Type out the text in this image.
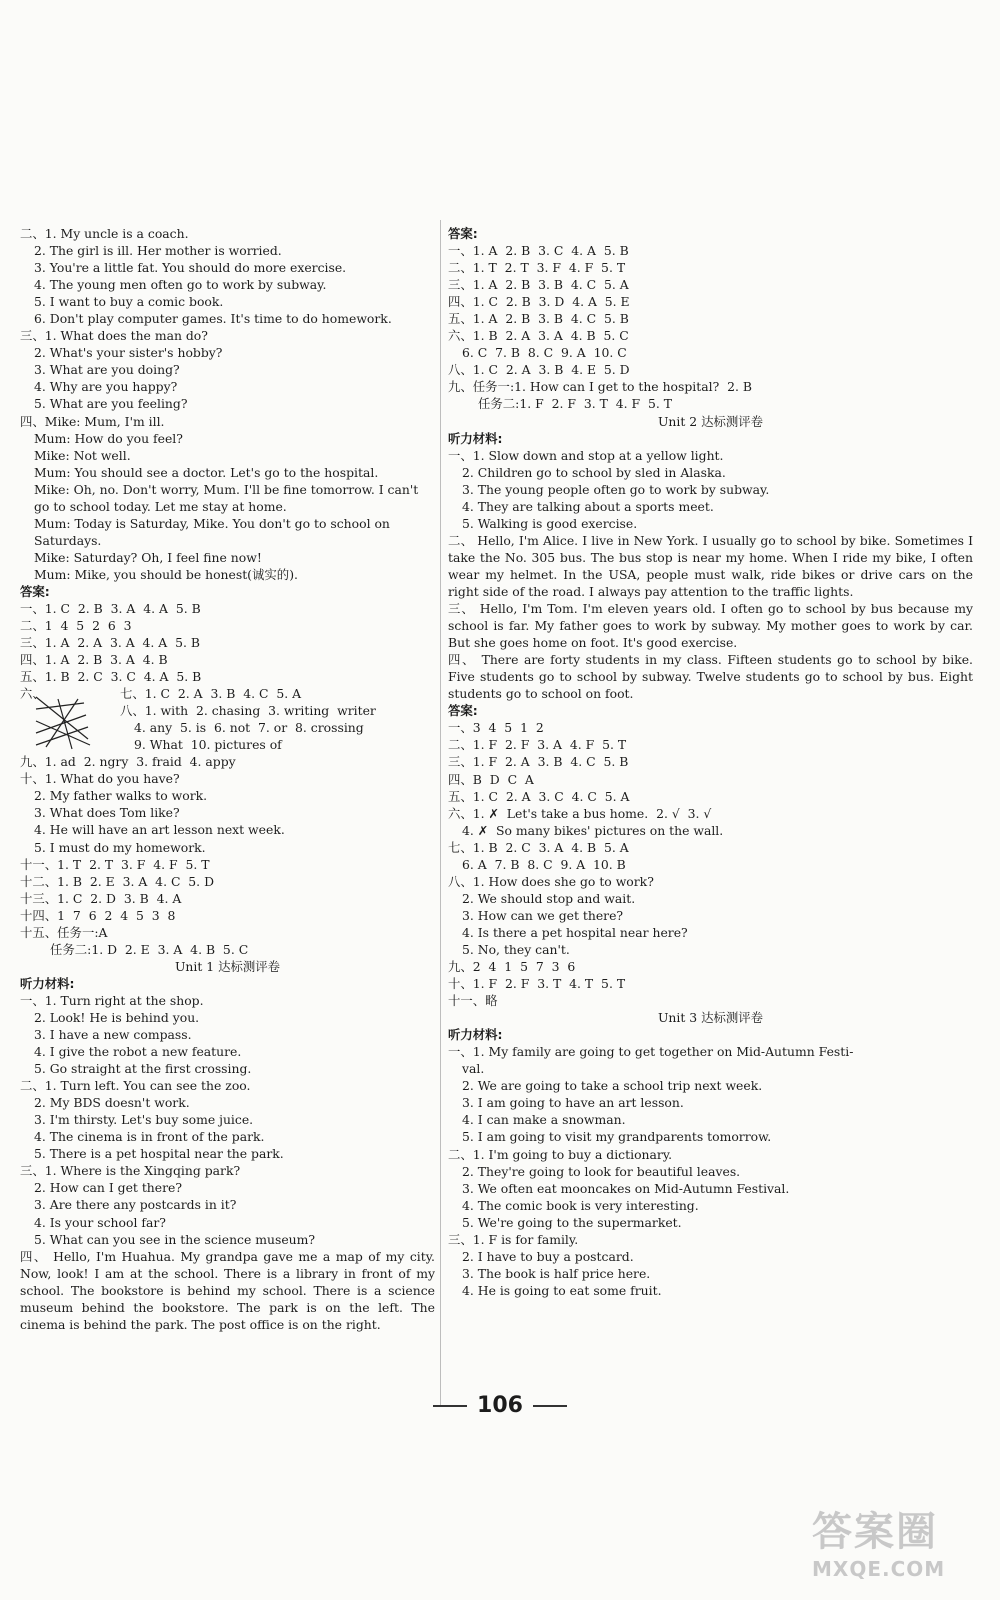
二、1. My uncle is a coach.
2. The girl is ill. Her mother is worried.
3. You're a little fat. You should do more exercise.
4. The young men often go to work by subway.
5. I want to buy a comic book.
6. Don't play computer games. It's time to do homework.
三、1. What does the man do?
2. What's your sister's hobby?
3. What are you doing?
4. Why are you happy?
5. What are you feeling?
四、Mike: Mum, I'm ill.
Mum: How do you feel?
Mike: Not well.
Mum: You should see a doctor. Let's go to the hospital.
Mike: Oh, no. Don't worry, Mum. I'll be fine tomorrow. I can't
go to school today. Let me stay at home.
Mum: Today is Saturday, Mike. You don't go to school on
Saturdays.
Mike: Saturday? Oh, I feel fine now!
Mum: Mike, you should be honest(诚实的).
答案:
一、1. C  2. B  3. A  4. A  5. B
二、1  4  5  2  6  3
三、1. A  2. A  3. A  4. A  5. B
四、1. A  2. B  3. A  4. B
五、1. B  2. C  3. C  4. A  5. B
六、	七、1. C  2. A  3. B  4. C  5. A
八、1. with  2. chasing  3. writing  writer
4. any  5. is  6. not  7. or  8. crossing
9. What  10. pictures of
九、1. ad  2. ngry  3. fraid  4. appy
十、1. What do you have?
2. My father walks to work.
3. What does Tom like?
4. He will have an art lesson next week.
5. I must do my homework.
十一、1. T  2. T  3. F  4. F  5. T
十二、1. B  2. E  3. A  4. C  5. D
十三、1. C  2. D  3. B  4. A
十四、1  7  6  2  4  5  3  8
十五、任务一:A
任务二:1. D  2. E  3. A  4. B  5. C
Unit 1 达标测评卷
听力材料:
一、1. Turn right at the shop.
2. Look! He is behind you.
3. I have a new compass.
4. I give the robot a new feature.
5. Go straight at the first crossing.
二、1. Turn left. You can see the zoo.
2. My BDS doesn't work.
3. I'm thirsty. Let's buy some juice.
4. The cinema is in front of the park.
5. There is a pet hospital near the park.
三、1. Where is the Xingqing park?
2. How can I get there?
3. Are there any postcards in it?
4. Is your school far?
5. What can you see in the science museum?
四、 Hello, I'm Huahua. My grandpa gave me a map of my city. Now, look! I am at the school. There is a library in front of my school. The bookstore is behind my school. There is a science museum behind the bookstore. The park is on the left. The cinema is behind the park. The post office is on the right.
答案:
一、1. A  2. B  3. C  4. A  5. B
二、1. T  2. T  3. F  4. F  5. T
三、1. A  2. B  3. B  4. C  5. A
四、1. C  2. B  3. D  4. A  5. E
五、1. A  2. B  3. B  4. C  5. B
六、1. B  2. A  3. A  4. B  5. C
6. C  7. B  8. C  9. A  10. C
八、1. C  2. A  3. B  4. E  5. D
九、任务一:1. How can I get to the hospital?  2. B
任务二:1. F  2. F  3. T  4. F  5. T
Unit 2 达标测评卷
听力材料:
一、1. Slow down and stop at a yellow light.
2. Children go to school by sled in Alaska.
3. The young people often go to work by subway.
4. They are talking about a sports meet.
5. Walking is good exercise.
二、 Hello, I'm Alice. I live in New York. I usually go to school by bike. Sometimes I take the No. 305 bus. The bus stop is near my home. When I ride my bike, I often wear my helmet. In the USA, people must walk, ride bikes or drive cars on the right side of the road. I always pay attention to the traffic lights.
三、 Hello, I'm Tom. I'm eleven years old. I often go to school by bus because my school is far. My father goes to work by subway. My mother goes to work by car. But she goes home on foot. It's good exercise.
四、 There are forty students in my class. Fifteen students go to school by bike. Five students go to school by subway. Twelve students go to school by bus. Eight students go to school on foot.
答案:
一、3  4  5  1  2
二、1. F  2. F  3. A  4. F  5. T
三、1. F  2. A  3. B  4. C  5. B
四、B  D  C  A
五、1. C  2. A  3. C  4. C  5. A
六、1. ✗  Let's take a bus home.  2. √  3. √
4. ✗  So many bikes' pictures on the wall.
七、1. B  2. C  3. A  4. B  5. A
6. A  7. B  8. C  9. A  10. B
八、1. How does she go to work?
2. We should stop and wait.
3. How can we get there?
4. Is there a pet hospital near here?
5. No, they can't.
九、2  4  1  5  7  3  6
十、1. F  2. F  3. T  4. T  5. T
十一、略
Unit 3 达标测评卷
听力材料:
一、1. My family are going to get together on Mid-Autumn Festi-
val.
2. We are going to take a school trip next week.
3. I am going to have an art lesson.
4. I can make a snowman.
5. I am going to visit my grandparents tomorrow.
二、1. I'm going to buy a dictionary.
2. They're going to look for beautiful leaves.
3. We often eat mooncakes on Mid-Autumn Festival.
4. The comic book is very interesting.
5. We're going to the supermarket.
三、1. F is for family.
2. I have to buy a postcard.
3. The book is half price here.
4. He is going to eat some fruit.
106
答案圈
MXQE.COM
